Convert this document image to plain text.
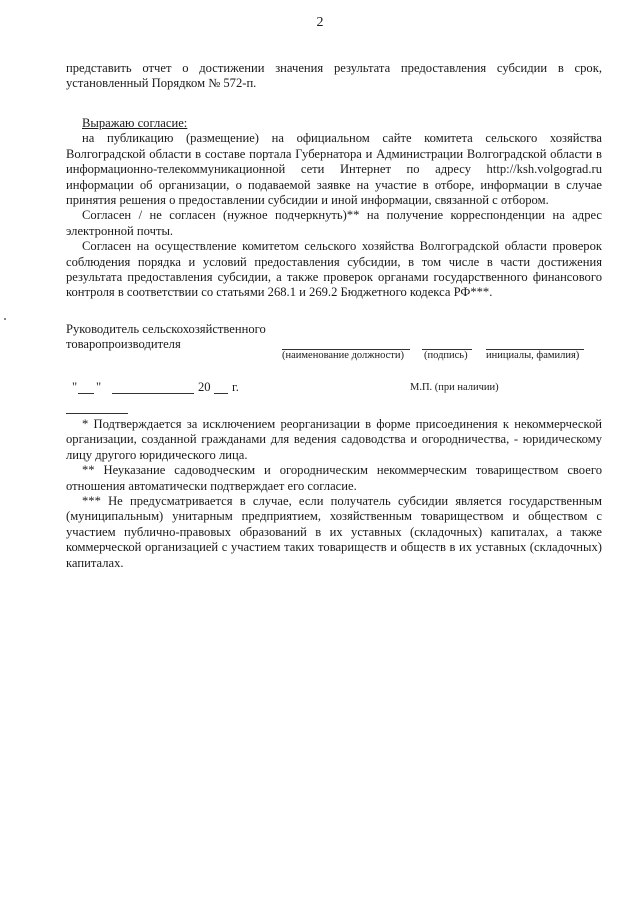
2

представить отчет о достижении значения результата предоставления субсидии в срок, установленный Порядком № 572-п.

Выражаю согласие:

на публикацию (размещение) на официальном сайте комитета сельского хозяйства Волгоградской области в составе портала Губернатора и Администрации Волгоградской области в информационно-телекоммуникационной сети Интернет по адресу http://ksh.volgograd.ru информации об организации, о подаваемой заявке на участие в отборе, информации в случае принятия решения о предоставлении субсидии и иной информации, связанной с отбором.

Согласен / не согласен (нужное подчеркнуть)** на получение корреспонденции на адрес электронной почты.

Согласен на осуществление комитетом сельского хозяйства Волгоградской области проверок соблюдения порядка и условий предоставления субсидии, в том числе в части достижения результата предоставления субсидии, а также проверок органами государственного финансового контроля в соответствии со статьями 268.1 и 269.2 Бюджетного кодекса РФ***.

Руководитель сельскохозяйственного
товаропроизводителя
(наименование должности) (подпись) инициалы, фамилия)
" "	20 г.	М.П. (при наличии)

* Подтверждается за исключением реорганизации в форме присоединения к некоммерческой организации, созданной гражданами для ведения садоводства и огородничества, - юридическому лицу другого юридического лица.

** Неуказание садоводческим и огородническим некоммерческим товариществом своего отношения автоматически подтверждает его согласие.

*** Не предусматривается в случае, если получатель субсидии является государственным (муниципальным) унитарным предприятием, хозяйственным товариществом и обществом с участием публично-правовых образований в их уставных (складочных) капиталах, а также коммерческой организацией с участием таких товариществ и обществ в их уставных (складочных) капиталах.
